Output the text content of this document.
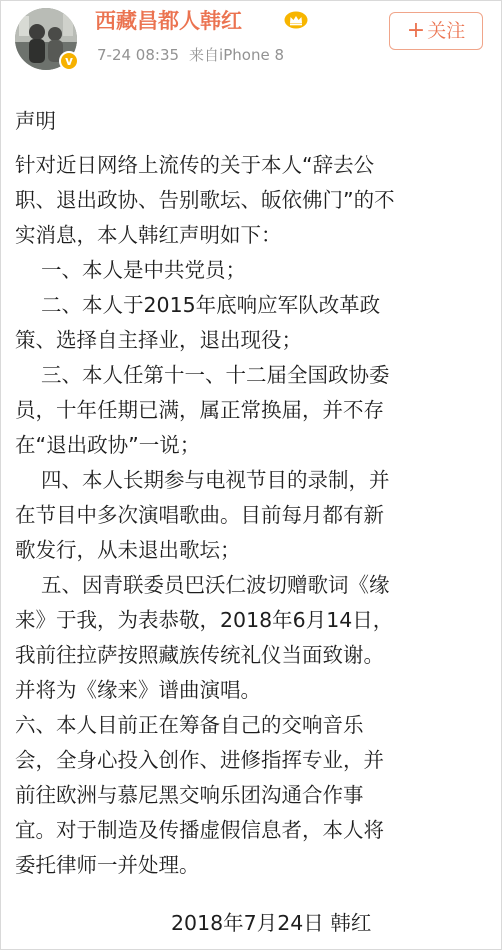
v
西藏昌都人韩红
7-24 08:35 来自iPhone 8
+ 关注
声明
针对近日网络上流传的关于本人“辞去公
职、退出政协、告别歌坛、皈依佛门”的不
实消息，本人韩红声明如下：
一、本人是中共党员；
二、本人于2015年底响应军队改革政
策、选择自主择业，退出现役；
三、本人任第十一、十二届全国政协委
员，十年任期已满，属正常换届，并不存
在“退出政协”一说；
四、本人长期参与电视节目的录制，并
在节目中多次演唱歌曲。目前每月都有新
歌发行，从未退出歌坛；
五、因青联委员巴沃仁波切赠歌词《缘
来》于我，为表恭敬，2018年6月14日，
我前往拉萨按照藏族传统礼仪当面致谢。
并将为《缘来》谱曲演唱。
六、本人目前正在筹备自己的交响音乐
会，全身心投入创作、进修指挥专业，并
前往欧洲与慕尼黑交响乐团沟通合作事
宜。对于制造及传播虚假信息者，本人将
委托律师一并处理。
2018年7月24日 韩红
